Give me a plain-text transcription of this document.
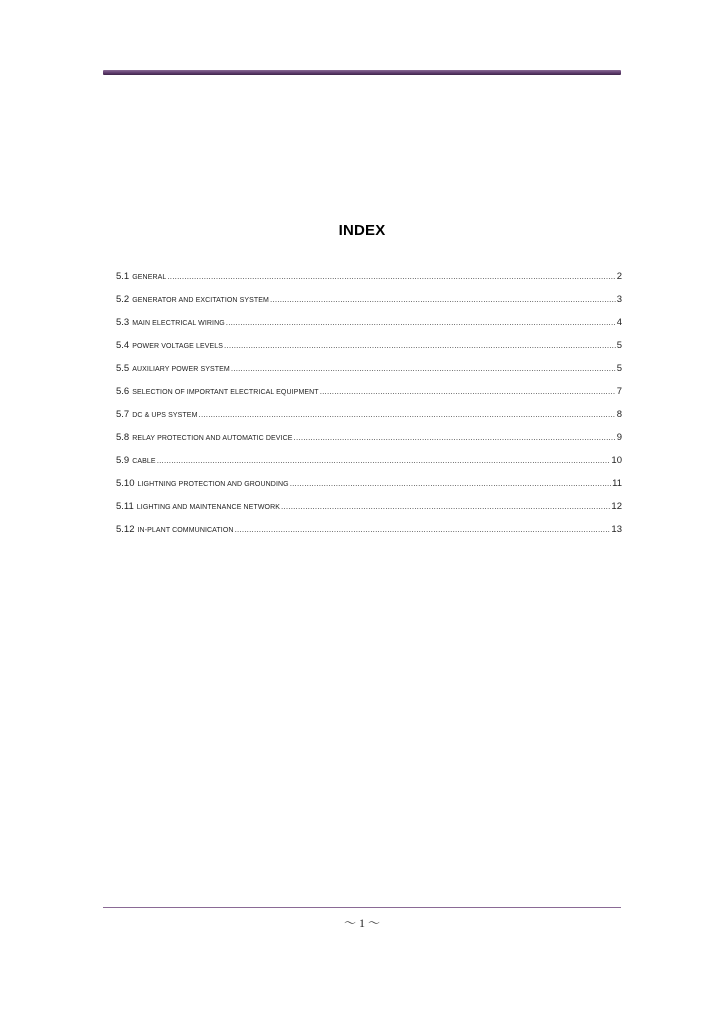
INDEX
5.1 GENERAL .....	2
5.2 GENERATOR AND EXCITATION SYSTEM .....	3
5.3 MAIN ELECTRICAL WIRING .....	4
5.4 POWER VOLTAGE LEVELS .....	5
5.5 AUXILIARY POWER SYSTEM .....	5
5.6 SELECTION OF IMPORTANT ELECTRICAL EQUIPMENT .....	7
5.7 DC & UPS SYSTEM .....	8
5.8 RELAY PROTECTION AND AUTOMATIC DEVICE .....	9
5.9 CABLE .....	10
5.10 LIGHTNING PROTECTION AND GROUNDING .....	11
5.11 LIGHTING AND MAINTENANCE NETWORK .....	12
5.12 IN-PLANT COMMUNICATION .....	13
～ 1 ～
